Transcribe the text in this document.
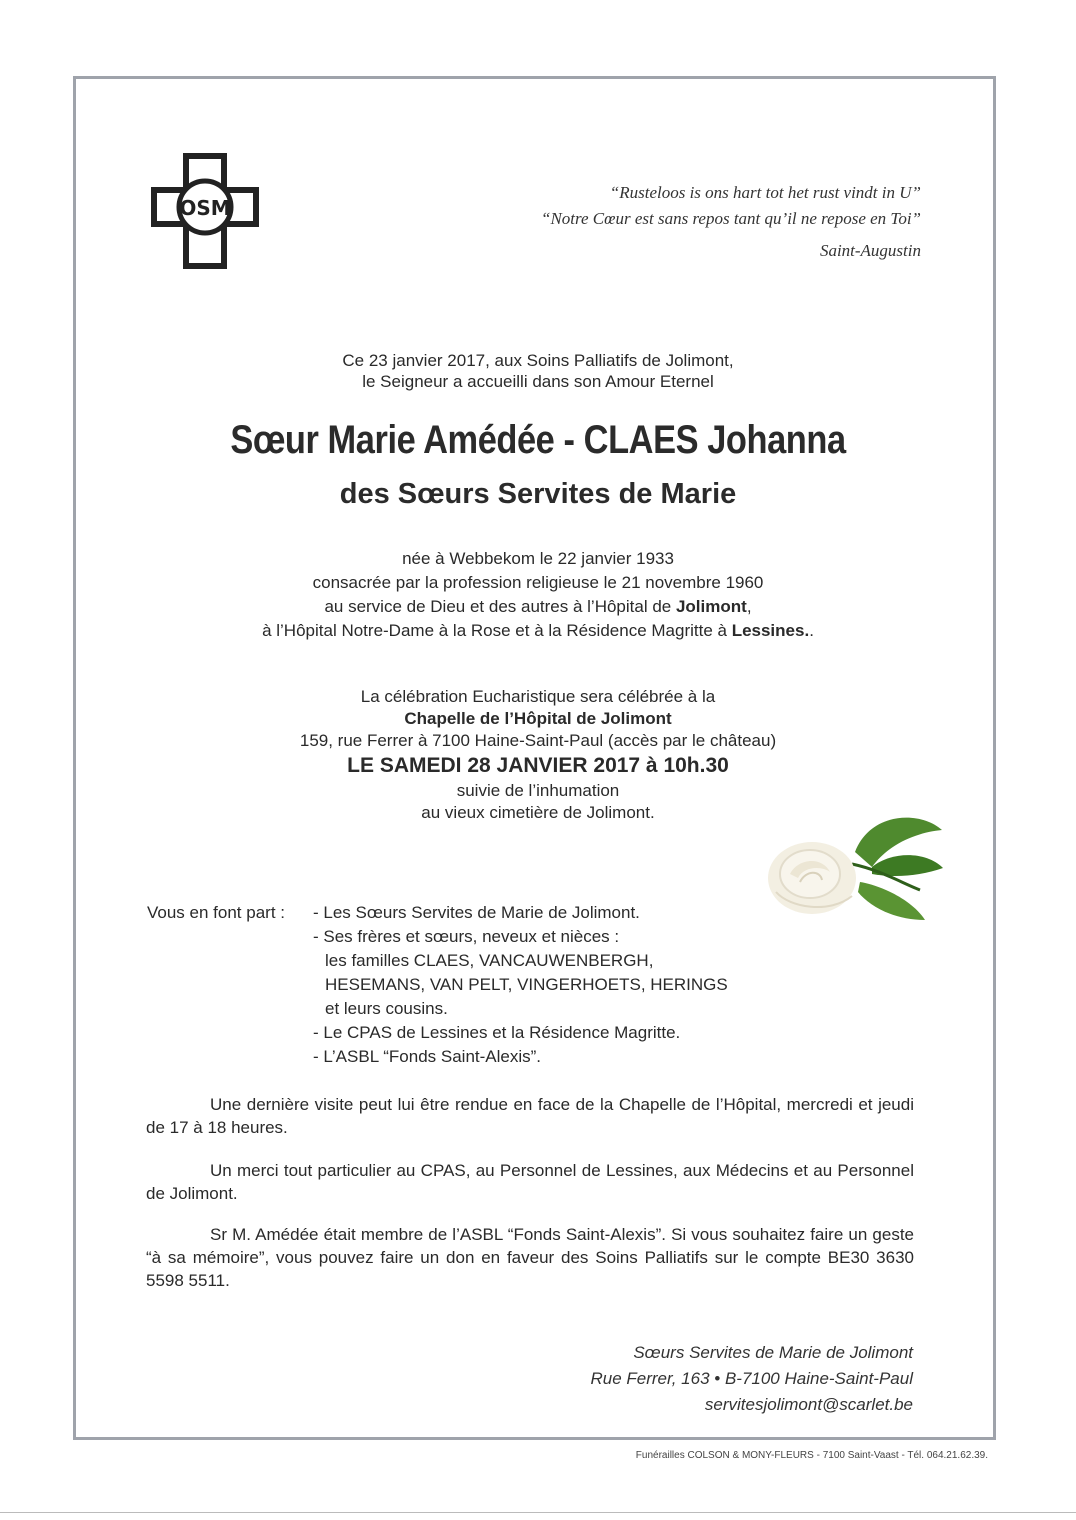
OSM
“Rusteloos is ons hart tot het rust vindt in U”
“Notre Cœur est sans repos tant qu’il ne repose en Toi”
Saint-Augustin
Ce 23 janvier 2017, aux Soins Palliatifs de Jolimont,
le Seigneur a accueilli dans son Amour Eternel
Sœur Marie Amédée - CLAES Johanna
des Sœurs Servites de Marie
née à Webbekom le 22 janvier 1933
consacrée par la profession religieuse le 21 novembre 1960
au service de Dieu et des autres à l’Hôpital de Jolimont,
à l’Hôpital Notre-Dame à la Rose et à la Résidence Magritte à Lessines..
La célébration Eucharistique sera célébrée à la
Chapelle de l’Hôpital de Jolimont
159, rue Ferrer à 7100 Haine-Saint-Paul (accès par le château)
LE SAMEDI 28 JANVIER 2017 à 10h.30
suivie de l’inhumation
au vieux cimetière de Jolimont.
Vous en font part : - Les Sœurs Servites de Marie de Jolimont.
- Ses frères et sœurs, neveux et nièces :
les familles CLAES, VANCAUWENBERGH,
HESEMANS, VAN PELT, VINGERHOETS, HERINGS
et leurs cousins.
- Le CPAS de Lessines et la Résidence Magritte.
- L’ASBL “Fonds Saint-Alexis”.
Une dernière visite peut lui être rendue en face de la Chapelle de l’Hôpital, mercredi et jeudi de 17 à 18 heures.
Un merci tout particulier au CPAS, au Personnel de Lessines, aux Médecins et au Personnel de Jolimont.
Sr M. Amédée était membre de l’ASBL “Fonds Saint-Alexis”. Si vous souhaitez faire un geste “à sa mémoire”, vous pouvez faire un don en faveur des Soins Palliatifs sur le compte BE30 3630 5598 5511.
Sœurs Servites de Marie de Jolimont
Rue Ferrer, 163 • B-7100 Haine-Saint-Paul
servitesjolimont@scarlet.be
Funérailles COLSON & MONY-FLEURS - 7100 Saint-Vaast - Tél. 064.21.62.39.
